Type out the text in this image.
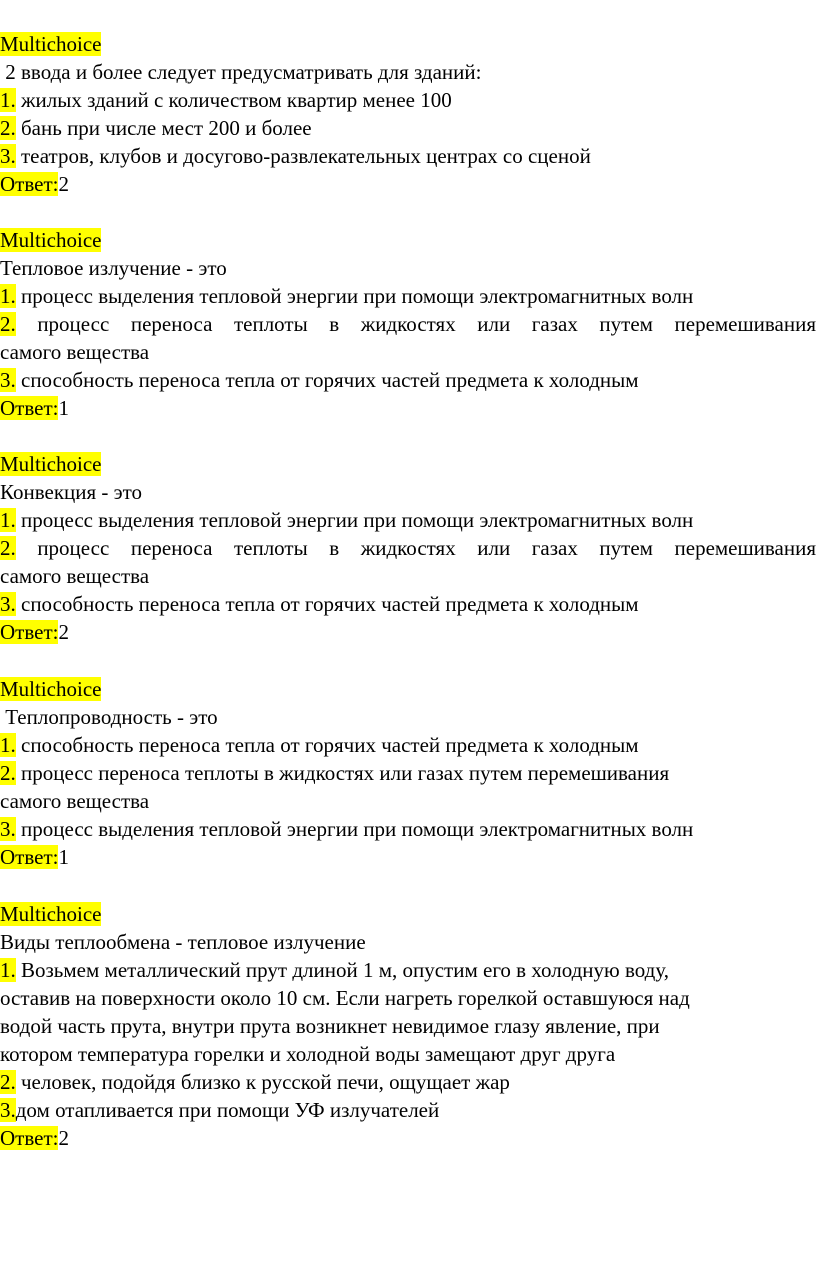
Multichoice
2 ввода и более следует предусматривать для зданий:
1. жилых зданий с количеством квартир менее 100
2. бань при числе мест 200 и более
3. театров, клубов и досугово-развлекательных центрах со сценой
Ответ:2
Multichoice
Тепловое излучение - это
1. процесс выделения тепловой энергии при помощи электромагнитных волн
2. процесс переноса теплоты в жидкостях или газах путем перемешивания
самого вещества
3. способность переноса тепла от горячих частей предмета к холодным
Ответ:1
Multichoice
Конвекция - это
1. процесс выделения тепловой энергии при помощи электромагнитных волн
2. процесс переноса теплоты в жидкостях или газах путем перемешивания
самого вещества
3. способность переноса тепла от горячих частей предмета к холодным
Ответ:2
Multichoice
Теплопроводность - это
1. способность переноса тепла от горячих частей предмета к холодным
2. процесс переноса теплоты в жидкостях или газах путем перемешивания
самого вещества
3. процесс выделения тепловой энергии при помощи электромагнитных волн
Ответ:1
Multichoice
Виды теплообмена - тепловое излучение
1. Возьмем металлический прут длиной 1 м, опустим его в холодную воду,
оставив на поверхности около 10 см. Если нагреть горелкой оставшуюся над
водой часть прута, внутри прута возникнет невидимое глазу явление, при
котором температура горелки и холодной воды замещают друг друга
2. человек, подойдя близко к русской печи, ощущает жар
3.дом отапливается при помощи УФ излучателей
Ответ:2
